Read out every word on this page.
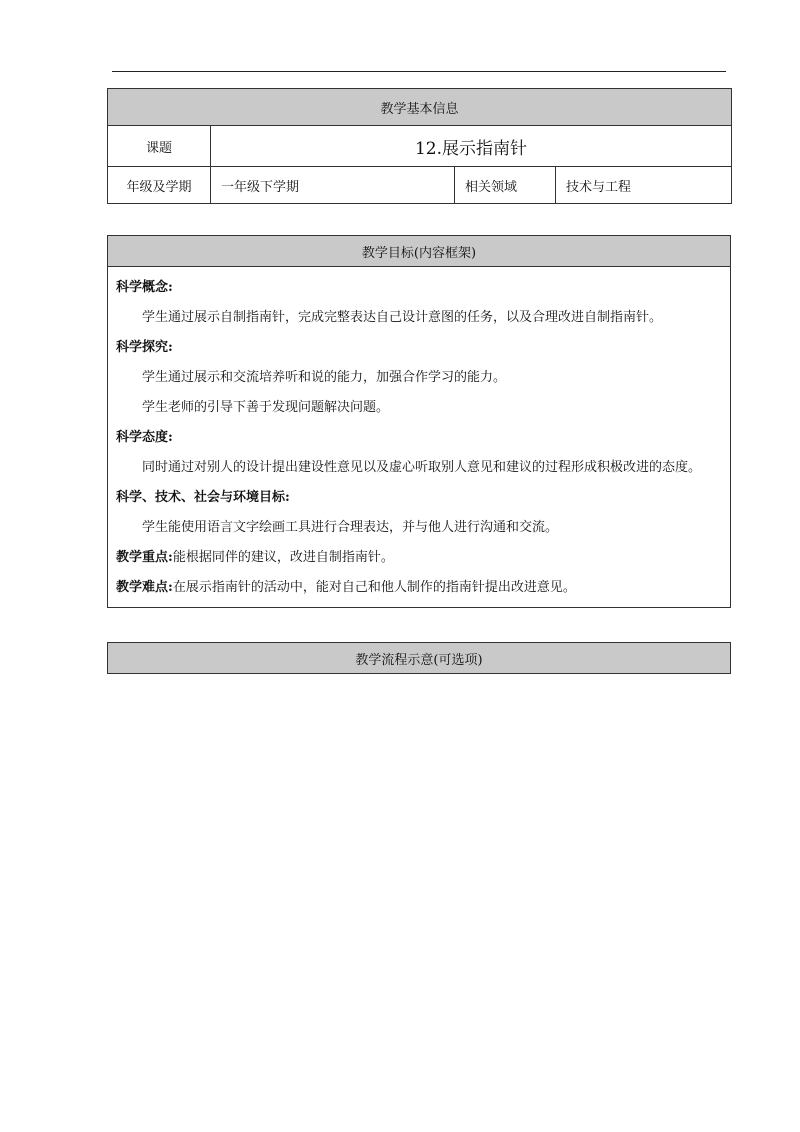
教学基本信息			
课题	12.展示指南针		
年级及学期	一年级下学期	相关领域	技术与工程
教学目标(内容框架)

科学概念:

学生通过展示自制指南针，完成完整表达自己设计意图的任务，以及合理改进自制指南针。

科学探究:

学生通过展示和交流培养听和说的能力，加强合作学习的能力。

学生老师的引导下善于发现问题解决问题。

科学态度:

同时通过对别人的设计提出建设性意见以及虚心听取别人意见和建议的过程形成积极改进的态度。

科学、技术、社会与环境目标:

学生能使用语言文字绘画工具进行合理表达，并与他人进行沟通和交流。

教学重点:能根据同伴的建议，改进自制指南针。

教学难点:在展示指南针的活动中，能对自己和他人制作的指南针提出改进意见。

教学流程示意(可选项)
